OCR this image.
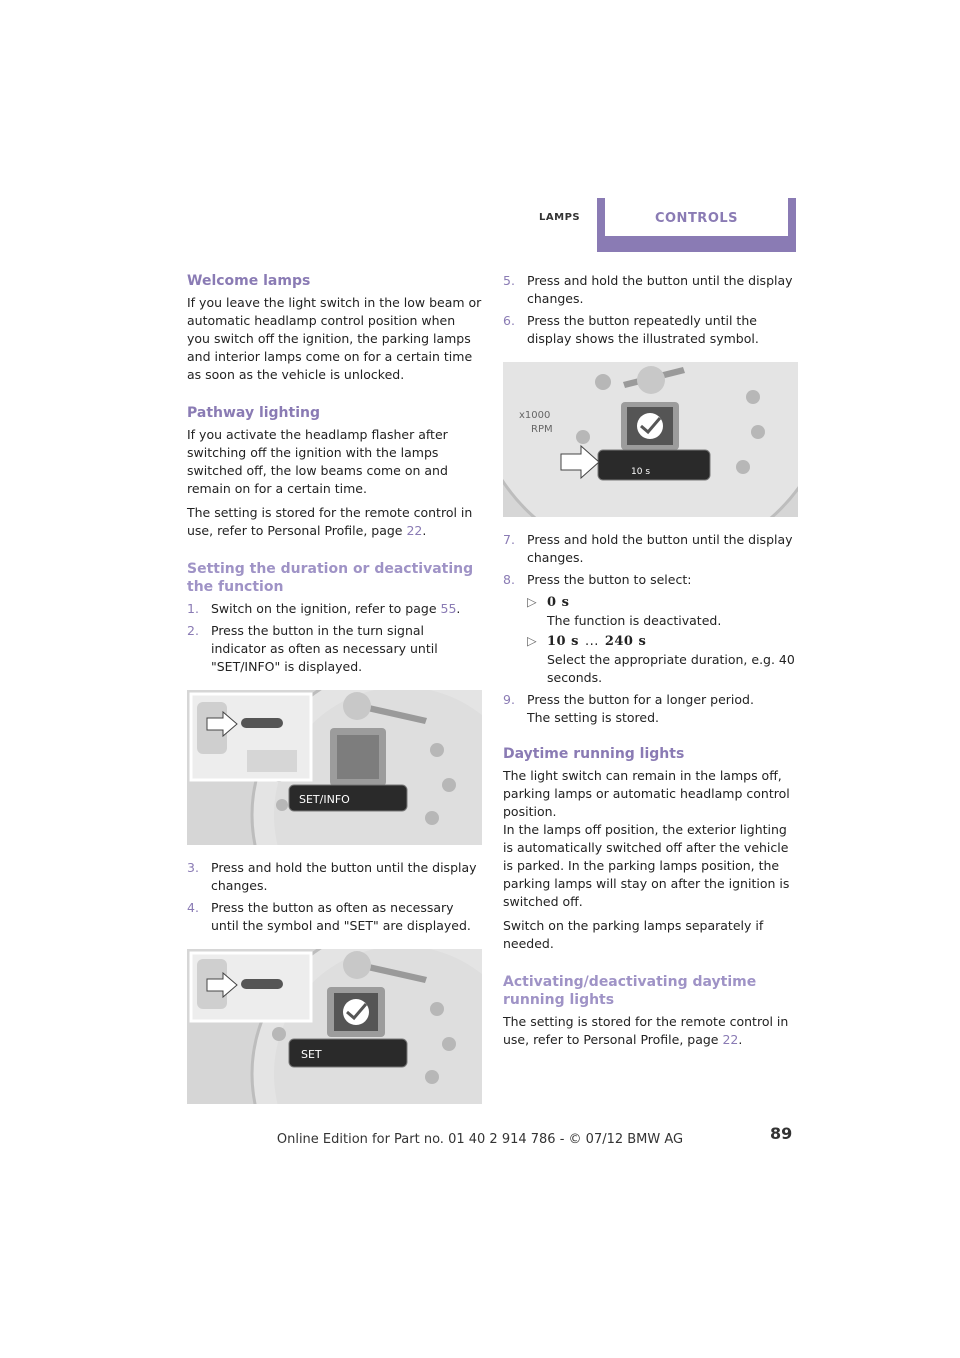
LAMPS	CONTROLS
Welcome lamps

If you leave the light switch in the low beam or automatic headlamp control position when you switch off the ignition, the parking lamps and interior lamps come on for a certain time as soon as the vehicle is unlocked.

Pathway lighting

If you activate the headlamp flasher after switching off the ignition with the lamps switched off, the low beams come on and remain on for a certain time.

The setting is stored for the remote control in use, refer to Personal Profile, page 22.

Setting the duration or deactivating the function
1. Switch on the ignition, refer to page 55.
2. Press the button in the turn signal indicator as often as necessary until "SET/INFO" is displayed.
SET/INFO
3. Press and hold the button until the display changes.
4. Press the button as often as necessary until the symbol and "SET" are displayed.
SET
5. Press and hold the button until the display changes.
6. Press the button repeatedly until the display shows the illustrated symbol.
x1000
RPM
10 s
7. Press and hold the button until the display changes.
8. Press the button to select:
▷ 0 s
The function is deactivated.
▷ 10 s ... 240 s
Select the appropriate duration, e.g. 40 seconds.
9. Press the button for a longer period.
The setting is stored.
Daytime running lights

The light switch can remain in the lamps off, parking lamps or automatic headlamp control position.
In the lamps off position, the exterior lighting is automatically switched off after the vehicle is parked. In the parking lamps position, the parking lamps will stay on after the ignition is switched off.

Switch on the parking lamps separately if needed.

Activating/deactivating daytime running lights

The setting is stored for the remote control in use, refer to Personal Profile, page 22.

89
Online Edition for Part no. 01 40 2 914 786 - © 07/12 BMW AG
